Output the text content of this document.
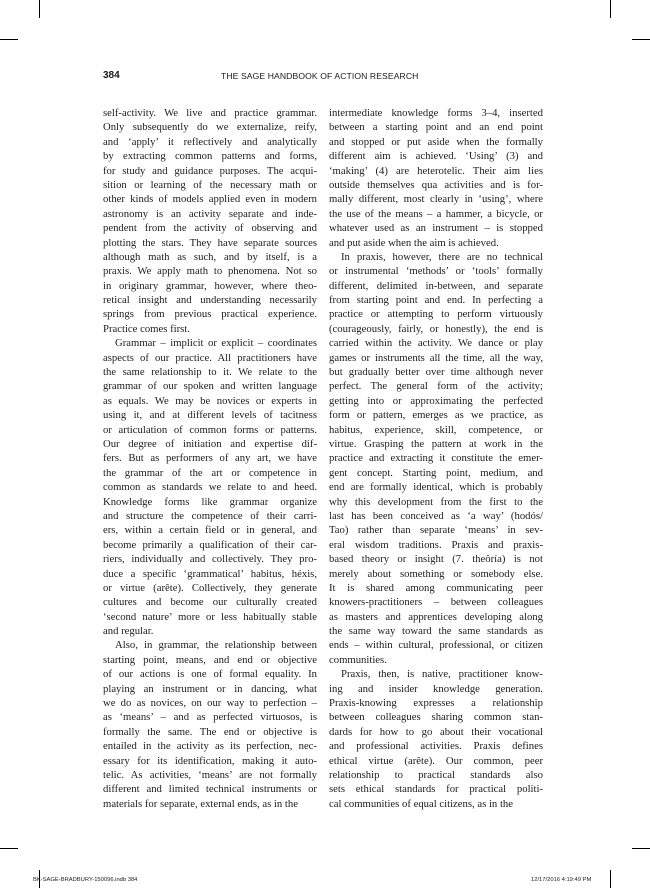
384	THE SAGE HANDBOOK OF ACTION RESEARCH
self-activity. We live and practice grammar.
Only subsequently do we externalize, reify,
and ‘apply’ it reflectively and analytically
by extracting common patterns and forms,
for study and guidance purposes. The acqui-
sition or learning of the necessary math or
other kinds of models applied even in modern
astronomy is an activity separate and inde-
pendent from the activity of observing and
plotting the stars. They have separate sources
although math as such, and by itself, is a
praxis. We apply math to phenomena. Not so
in originary grammar, however, where theo-
retical insight and understanding necessarily
springs from previous practical experience.
Practice comes first.
Grammar – implicit or explicit – coordinates
aspects of our practice. All practitioners have
the same relationship to it. We relate to the
grammar of our spoken and written language
as equals. We may be novices or experts in
using it, and at different levels of tacitness
or articulation of common forms or patterns.
Our degree of initiation and expertise dif-
fers. But as performers of any art, we have
the grammar of the art or competence in
common as standards we relate to and heed.
Knowledge forms like grammar organize
and structure the competence of their carri-
ers, within a certain field or in general, and
become primarily a qualification of their car-
riers, individually and collectively. They pro-
duce a specific ‘grammatical’ habitus, héxis,
or virtue (arête). Collectively, they generate
cultures and become our culturally created
‘second nature’ more or less habitually stable
and regular.
Also, in grammar, the relationship between
starting point, means, and end or objective
of our actions is one of formal equality. In
playing an instrument or in dancing, what
we do as novices, on our way to perfection –
as ‘means’ – and as perfected virtuosos, is
formally the same. The end or objective is
entailed in the activity as its perfection, nec-
essary for its identification, making it auto-
telic. As activities, ‘means’ are not formally
different and limited technical instruments or
materials for separate, external ends, as in the
intermediate knowledge forms 3–4, inserted
between a starting point and an end point
and stopped or put aside when the formally
different aim is achieved. ‘Using’ (3) and
‘making’ (4) are heterotelic. Their aim lies
outside themselves qua activities and is for-
mally different, most clearly in ‘using’, where
the use of the means – a hammer, a bicycle, or
whatever used as an instrument – is stopped
and put aside when the aim is achieved.
In praxis, however, there are no technical
or instrumental ‘methods’ or ‘tools’ formally
different, delimited in-between, and separate
from starting point and end. In perfecting a
practice or attempting to perform virtuously
(courageously, fairly, or honestly), the end is
carried within the activity. We dance or play
games or instruments all the time, all the way,
but gradually better over time although never
perfect. The general form of the activity;
getting into or approximating the perfected
form or pattern, emerges as we practice, as
habitus, experience, skill, competence, or
virtue. Grasping the pattern at work in the
practice and extracting it constitute the emer-
gent concept. Starting point, medium, and
end are formally identical, which is probably
why this development from the first to the
last has been conceived as ‘a way’ (hodós/
Tao) rather than separate ‘means’ in sev-
eral wisdom traditions. Praxis and praxis-
based theory or insight (7. theôría) is not
merely about something or somebody else.
It is shared among communicating peer
knowers-practitioners – between colleagues
as masters and apprentices developing along
the same way toward the same standards as
ends – within cultural, professional, or citizen
communities.
Praxis, then, is native, practitioner know-
ing and insider knowledge generation.
Praxis-knowing expresses a relationship
between colleagues sharing common stan-
dards for how to go about their vocational
and professional activities. Praxis defines
ethical virtue (arête). Our common, peer
relationship to practical standards also
sets ethical standards for practical politi-
cal communities of equal citizens, as in the
BK-SAGE-BRADBURY-150096.indb 384	12/17/2016 4:19:49 PM
